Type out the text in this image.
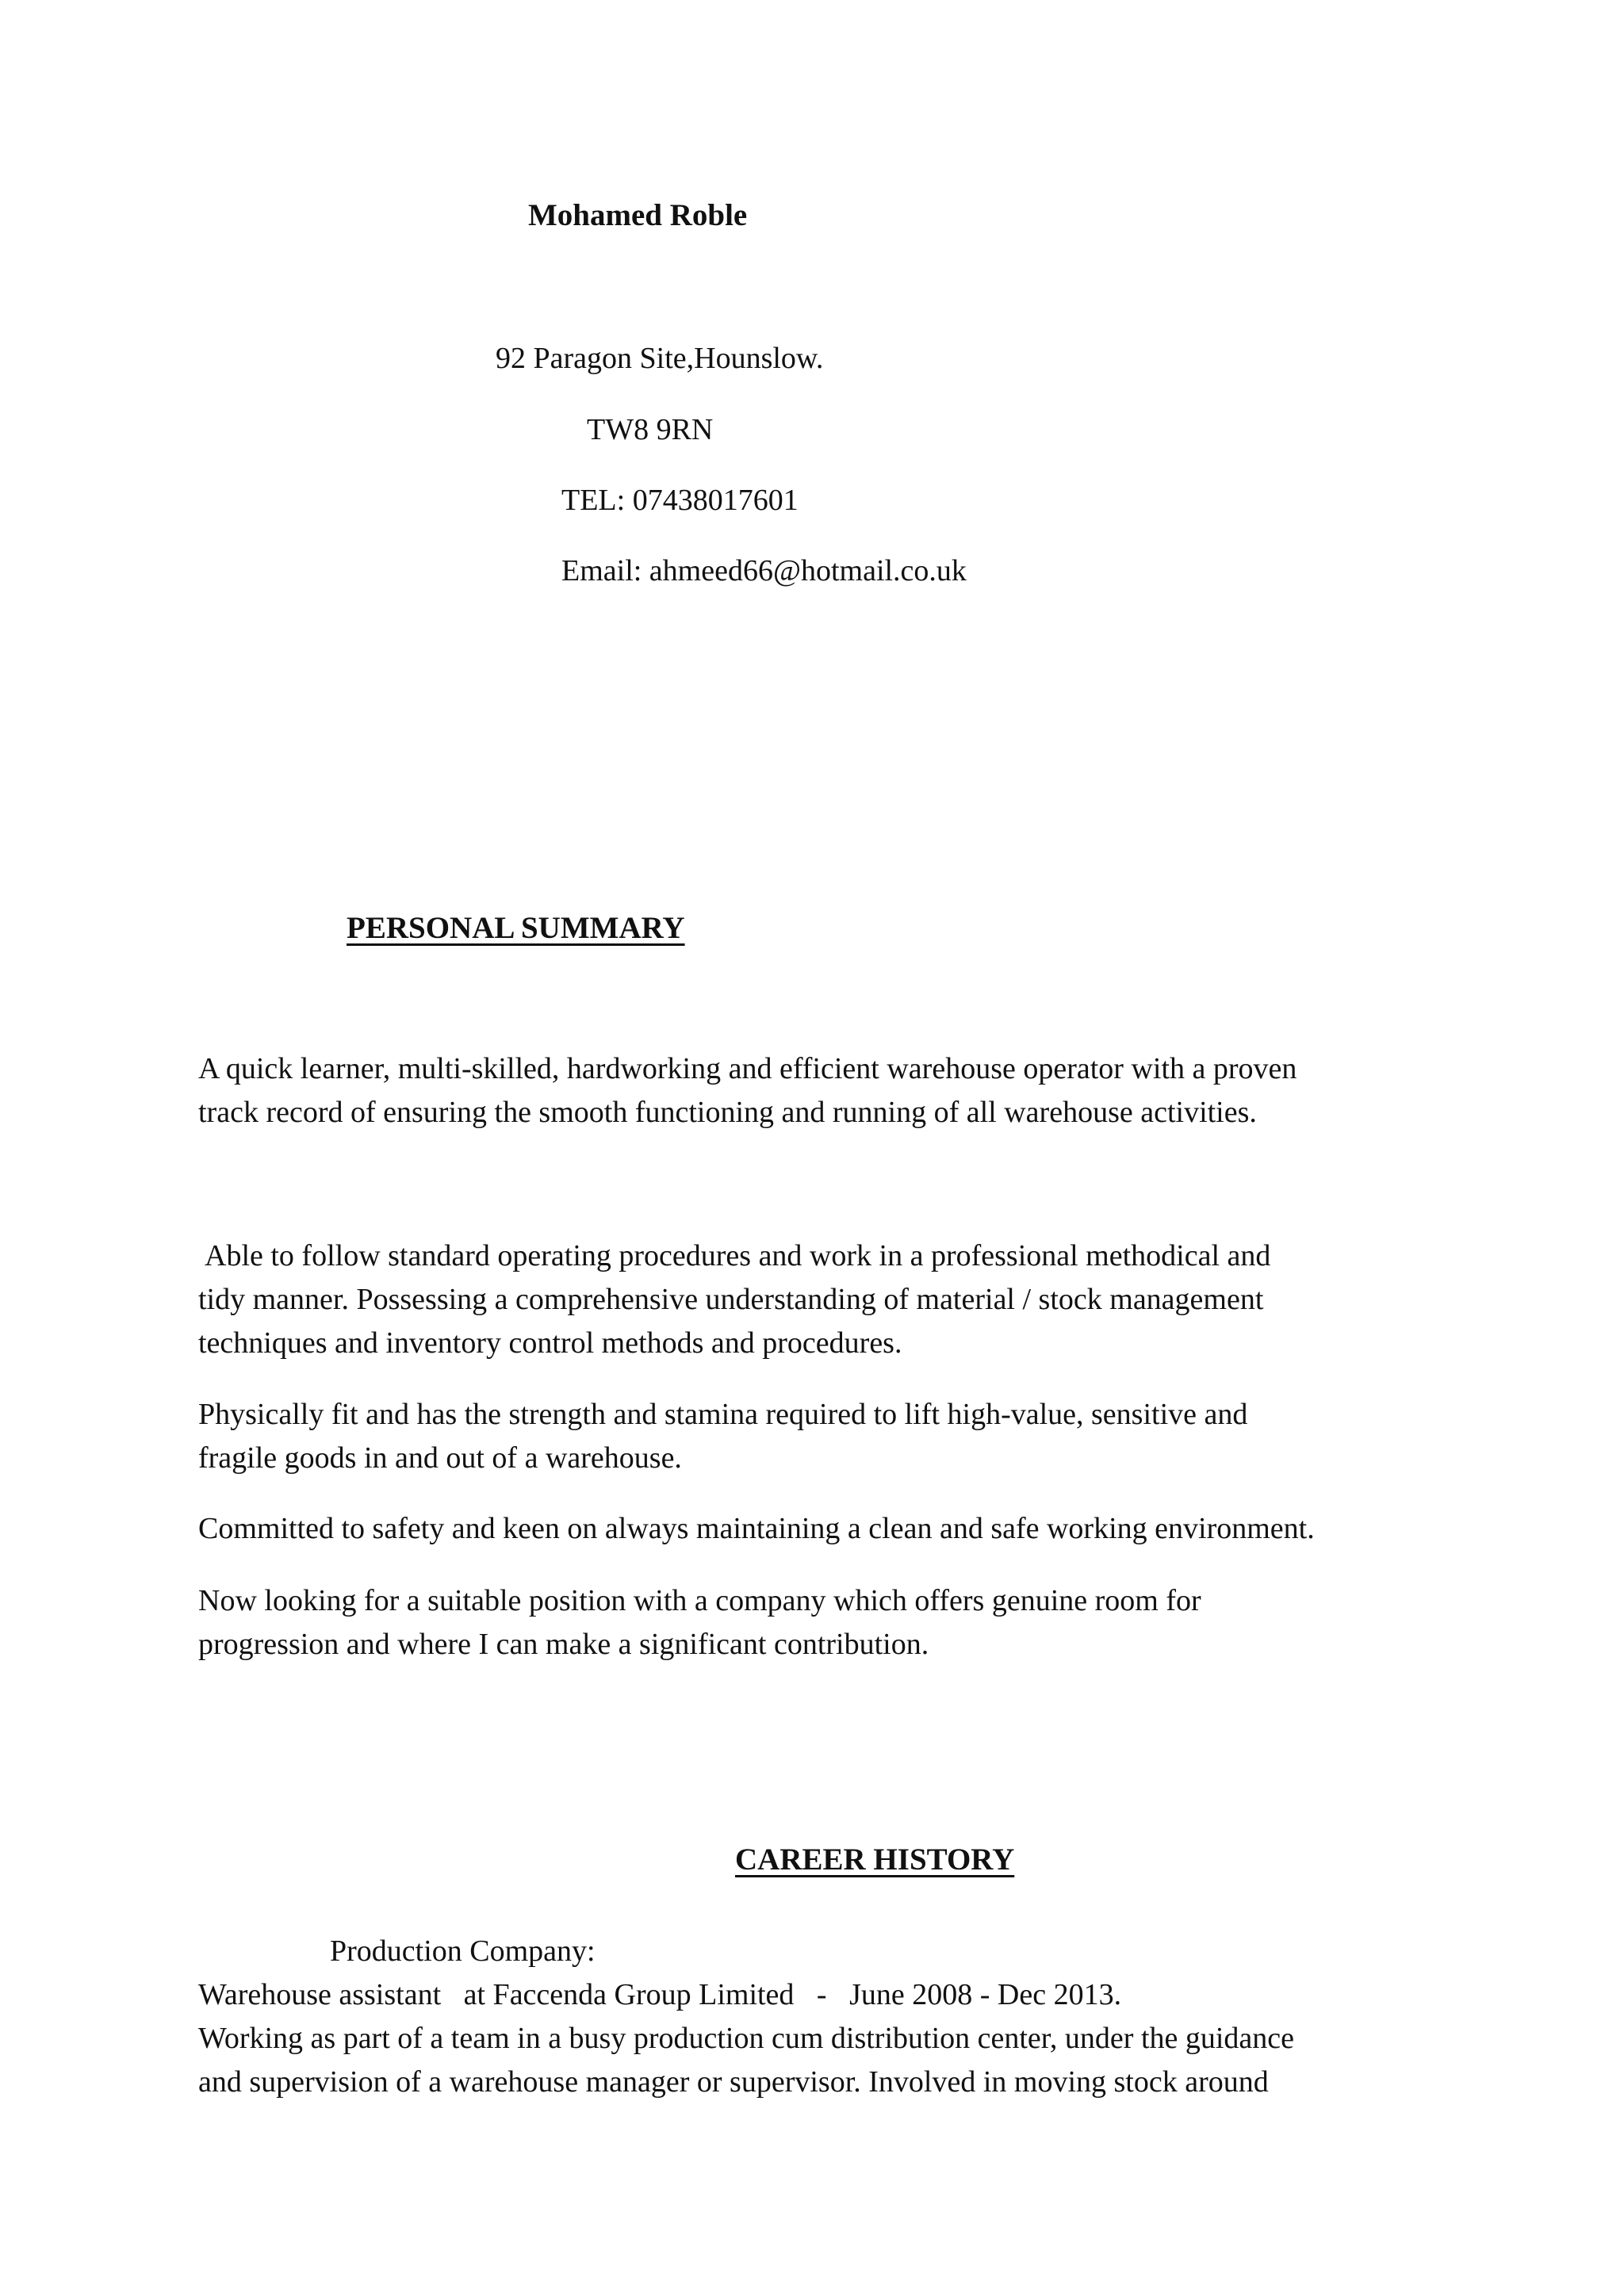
Mohamed Roble
92 Paragon Site,Hounslow.
TW8 9RN
TEL: 07438017601
Email: ahmeed66@hotmail.co.uk
PERSONAL SUMMARY
A quick learner, multi-skilled, hardworking and efficient warehouse operator with a proven
track record of ensuring the smooth functioning and running of all warehouse activities.
Able to follow standard operating procedures and work in a professional methodical and
tidy manner. Possessing a comprehensive understanding of material / stock management
techniques and inventory control methods and procedures.
Physically fit and has the strength and stamina required to lift high-value, sensitive and
fragile goods in and out of a warehouse.
Committed to safety and keen on always maintaining a clean and safe working environment.
Now looking for a suitable position with a company which offers genuine room for
progression and where I can make a significant contribution.
CAREER HISTORY
Production Company:
Warehouse assistant   at Faccenda Group Limited   -   June 2008 - Dec 2013.
Working as part of a team in a busy production cum distribution center, under the guidance
and supervision of a warehouse manager or supervisor. Involved in moving stock around
